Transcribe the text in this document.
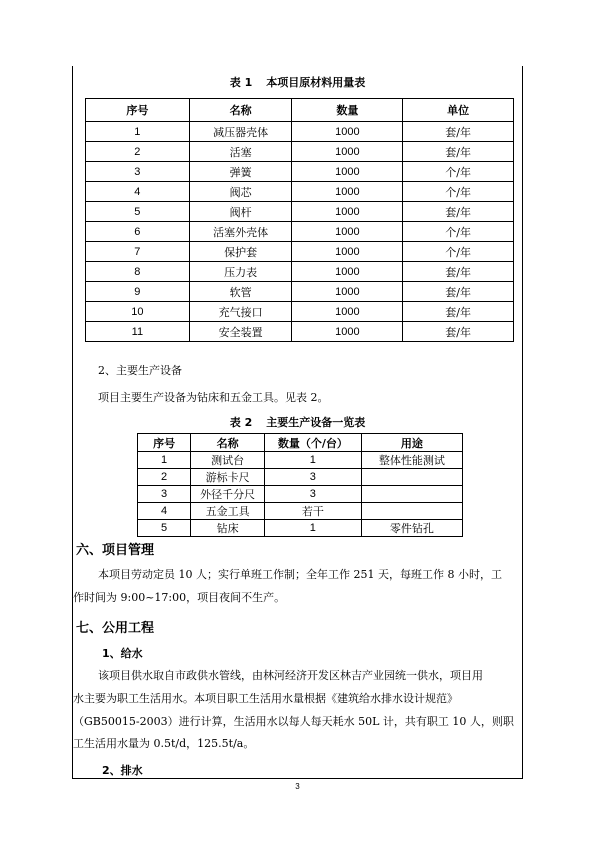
表 1 本项目原材料用量表
序号	名称	数量	单位
1	减压器壳体	1000	套/年
2	活塞	1000	套/年
3	弹簧	1000	个/年
4	阀芯	1000	个/年
5	阀杆	1000	套/年
6	活塞外壳体	1000	个/年
7	保护套	1000	个/年
8	压力表	1000	套/年
9	软管	1000	套/年
10	充气接口	1000	套/年
11	安全装置	1000	套/年
2、主要生产设备
项目主要生产设备为钻床和五金工具。见表 2。
表 2 主要生产设备一览表
序号	名称	数量（个/台）	用途
1	测试台	1	整体性能测试
2	游标卡尺	3	
3	外径千分尺	3	
4	五金工具	若干	
5	钻床	1	零件钻孔
六、项目管理
本项目劳动定员 10 人；实行单班工作制；全年工作 251 天，每班工作 8 小时，工
作时间为 9:00~17:00，项目夜间不生产。
七、公用工程
1、给水
该项目供水取自市政供水管线，由林河经济开发区林吉产业园统一供水，项目用
水主要为职工生活用水。本项目职工生活用水量根据《建筑给水排水设计规范》
（GB50015-2003）进行计算，生活用水以每人每天耗水 50L 计，共有职工 10 人，则职
工生活用水量为 0.5t/d，125.5t/a。
2、排水
3
